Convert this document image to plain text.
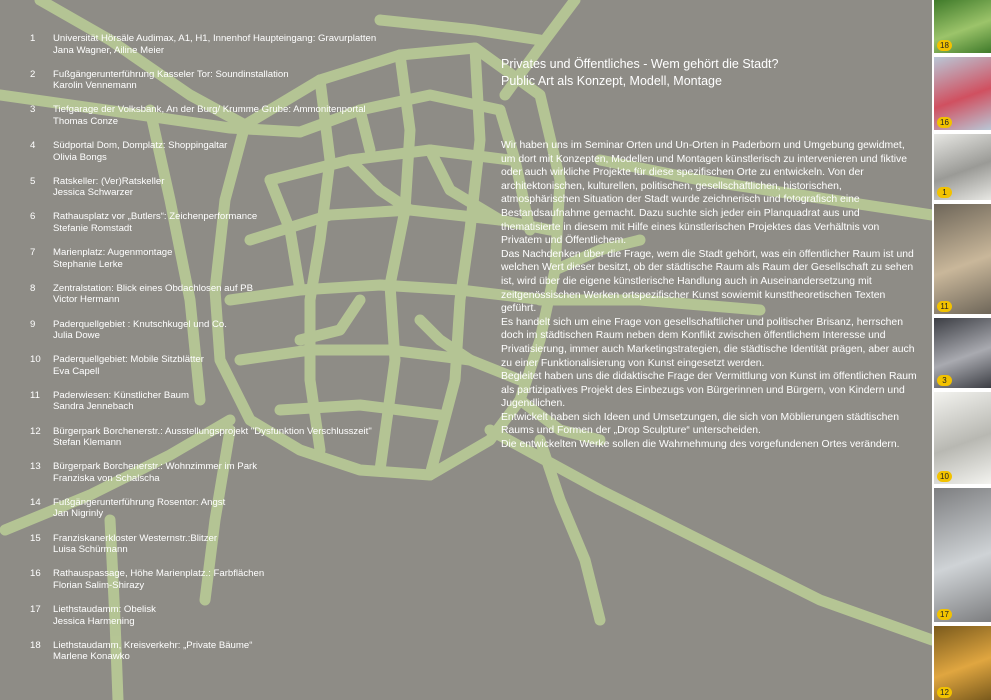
1 Universität Hörsäle Audimax, A1, H1, Innenhof Haupteingang: Gravurplatten
Jana Wagner, Ailine Meier
2 Fußgängerunterführung Kasseler Tor: Soundinstallation
Karolin Vennemann
3 Tiefgarage der Volksbank, An der Burg/ Krumme Grube: Ammonitenportal
Thomas Conze
4 Südportal Dom, Domplatz: Shoppingaltar
Olivia Bongs
5 Ratskeller: (Ver)Ratskeller
Jessica Schwarzer
6 Rathausplatz vor „Butlers“: Zeichenperformance
Stefanie Romstadt
7 Marienplatz: Augenmontage
Stephanie Lerke
8 Zentralstation: Blick eines Obdachlosen auf PB
Victor Hermann
9 Paderquellgebiet : Knutschkugel und Co.
Julia Dowe
10 Paderquellgebiet: Mobile Sitzblätter
Eva Capell
11 Paderwiesen: Künstlicher Baum
Sandra Jennebach
12 Bürgerpark Borchenerstr.: Ausstellungsprojekt "Dysfunktion Verschlusszeit"
Stefan Klemann
13 Bürgerpark Borchenerstr.: Wohnzimmer im Park
Franziska von Schalscha
14 Fußgängerunterführung Rosentor: Angst
Jan Nigrinly
15 Franziskanerkloster Westernstr.:Blitzer
Luisa Schürmann
16 Rathauspassage, Höhe Marienplatz.: Farbflächen
Florian Salim-Shirazy
17 Liethstaudamm: Obelisk
Jessica Harmening
18 Liethstaudamm, Kreisverkehr: „Private Bäume“
Marlene Konawko
Privates und Öffentliches - Wem gehört die Stadt?
Public Art als Konzept, Modell, Montage

Wir haben uns im Seminar Orten und Un-Orten in Paderborn und Umgebung gewidmet, um dort mit Konzepten, Modellen und Montagen künstlerisch zu intervenieren und fiktive oder auch wirkliche Projekte für diese spezifischen Orte zu entwickeln. Von der architektonischen, kulturellen, politischen, gesellschaftlichen, historischen, atmosphärischen Situation der Stadt wurde zeichnerisch und fotografisch eine Bestandsaufnahme gemacht. Dazu suchte sich jeder ein Planquadrat aus und thematisierte in diesem mit Hilfe eines künstlerischen Projektes das Verhältnis von Privatem und Öffentlichem.

Das Nachdenken über die Frage, wem die Stadt gehört, was ein öffentlicher Raum ist und welchen Wert dieser besitzt, ob der städtische Raum als Raum der Gesellschaft zu sehen ist, wird über die eigene künstlerische Handlung auch in Auseinandersetzung mit zeitgenössischen Werken ortspezifischer Kunst sowiemit kunsttheoretischen Texten geführt.

Es handelt sich um eine Frage von gesellschaftlicher und politischer Brisanz, herrschen doch im städtischen Raum neben dem Konflikt zwischen öffentlichem Interesse und Privatisierung, immer auch Marketingstrategien, die städtische Identität prägen, aber auch zu einer Funktionalisierung von Kunst eingesetzt werden.

Begleitet haben uns die didaktische Frage der Vermittlung von Kunst im öffentlichen Raum als partizipatives Projekt des Einbezugs von Bürgerinnen und Bürgern, von Kindern und Jugendlichen.

Entwickelt haben sich Ideen und Umsetzungen, die sich von Möblierungen städtischen Raums und Formen der „Drop Sculpture“ unterscheiden.

Die entwickelten Werke sollen die Wahrnehmung des vorgefundenen Ortes verändern.

18
16
1
11
3
10
17
12
